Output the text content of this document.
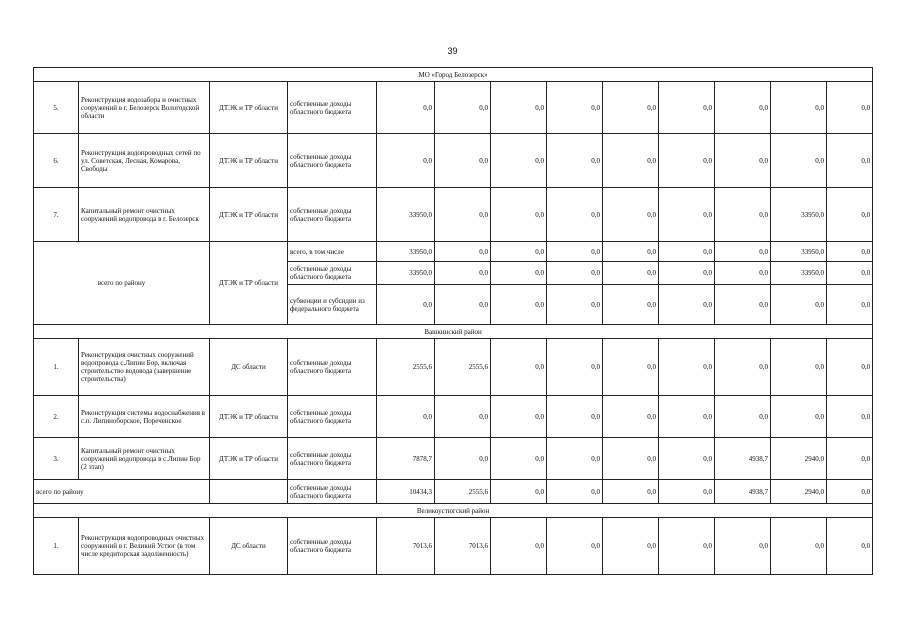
39
МО «Город Белозерск»												
5.	Реконструкция водозабора и очистных сооружений в г. Белозерск Вологодской области	ДТЭК и ТР области	собственные доходы областного бюджета	0,0	0,0	0,0	0,0	0,0	0,0	0,0	0,0	0,0
6.	Реконструкция водопроводных сетей по ул. Советская, Лесная, Комарова, Свободы	ДТЭК и ТР области	собственные доходы областного бюджета	0,0	0,0	0,0	0,0	0,0	0,0	0,0	0,0	0,0
7.	Капитальный ремонт очистных сооружений водопровода в г. Белозерск	ДТЭК и ТР области	собственные доходы областного бюджета	33950,0	0,0	0,0	0,0	0,0	0,0	0,0	33950,0	0,0
всего по району		ДТЭК и ТР области	всего, в том числе	33950,0	0,0	0,0	0,0	0,0	0,0	0,0	33950,0	0,0
			собственные доходы областного бюджета	33950,0	0,0	0,0	0,0	0,0	0,0	0,0	33950,0	0,0
			субвенции и субсидии из федерального бюджета	0,0	0,0	0,0	0,0	0,0	0,0	0,0	0,0	0,0
Вашкинский район												
1.	Реконструкция очистных сооружений водопровода с.Липин Бор, включая строительство водовода (завершение строительства)	ДС области	собственные доходы областного бюджета	2555,6	2555,6	0,0	0,0	0,0	0,0	0,0	0,0	0,0
2.	Реконструкция системы водоснабжения в с.п. Липиноборское, Пореченское	ДТЭК и ТР области	собственные доходы областного бюджета	0,0	0,0	0,0	0,0	0,0	0,0	0,0	0,0	0,0
3.	Капитальный ремонт очистных сооружений водопровода в с.Липин Бор (2 этап)	ДТЭК и ТР области	собственные доходы областного бюджета	7878,7	0,0	0,0	0,0	0,0	0,0	4938,7	2940,0	0,0
всего по району			собственные доходы областного бюджета	10434,3	2555,6	0,0	0,0	0,0	0,0	4938,7	2940,0	0,0
Великоустюгский район												
1.	Реконструкция водопроводных очистных сооружений в г. Великий Устюг (в том числе кредиторская задолженность)	ДС области	собственные доходы областного бюджета	7013,6	7013,6	0,0	0,0	0,0	0,0	0,0	0,0	0,0
